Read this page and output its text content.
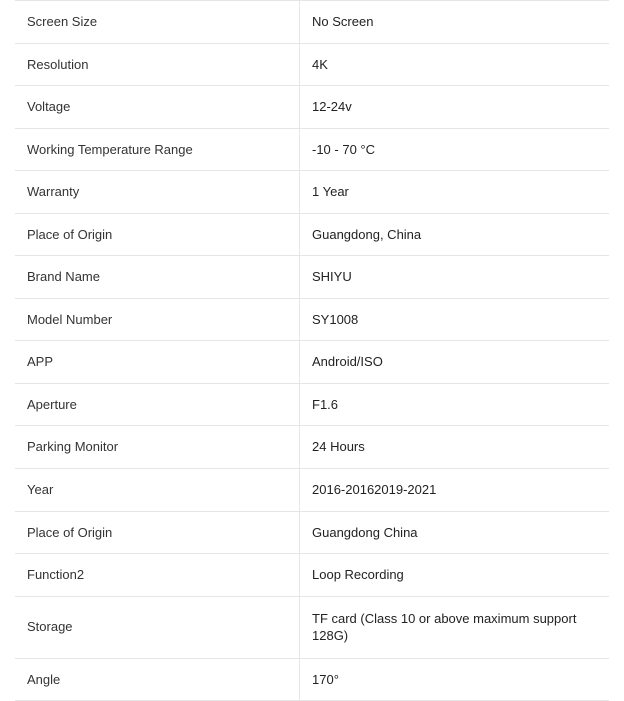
Screen Size	No Screen
Resolution	4K
Voltage	12-24v
Working Temperature Range	-10 - 70 °C
Warranty	1 Year
Place of Origin	Guangdong, China
Brand Name	SHIYU
Model Number	SY1008
APP	Android/ISO
Aperture	F1.6
Parking Monitor	24 Hours
Year	2016-20162019-2021
Place of Origin	Guangdong China
Function2	Loop Recording
Storage	TF card (Class 10 or above maximum support 128G)
Angle	170°
